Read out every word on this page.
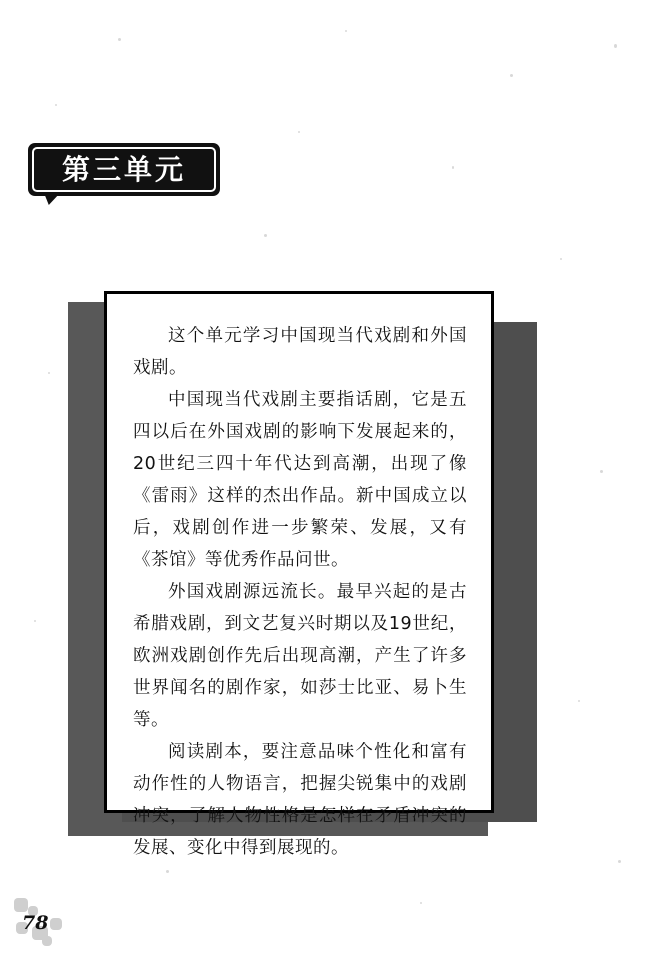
第三单元

这个单元学习中国现当代戏剧和外国戏剧。

中国现当代戏剧主要指话剧，它是五四以后在外国戏剧的影响下发展起来的，20世纪三四十年代达到高潮，出现了像《雷雨》这样的杰出作品。新中国成立以后，戏剧创作进一步繁荣、发展，又有《茶馆》等优秀作品问世。

外国戏剧源远流长。最早兴起的是古希腊戏剧，到文艺复兴时期以及19世纪，欧洲戏剧创作先后出现高潮，产生了许多世界闻名的剧作家，如莎士比亚、易卜生等。

阅读剧本，要注意品味个性化和富有动作性的人物语言，把握尖锐集中的戏剧冲突，了解人物性格是怎样在矛盾冲突的发展、变化中得到展现的。

78
